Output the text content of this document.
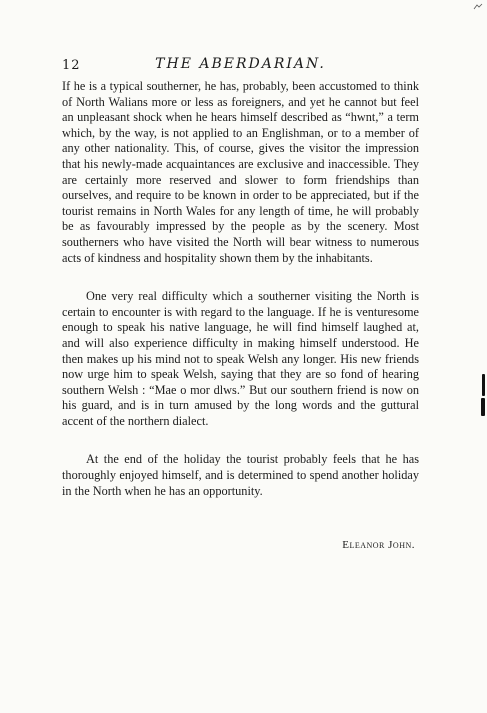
12	THE ABERDARIAN.

If he is a typical southerner, he has, probably, been accustomed to think of North Walians more or less as foreigners, and yet he cannot but feel an unpleasant shock when he hears himself described as “hwnt,” a term which, by the way, is not applied to an Englishman, or to a member of any other nationality. This, of course, gives the visitor the impression that his newly-made acquaintances are exclusive and inaccessible. They are certainly more reserved and slower to form friendships than ourselves, and require to be known in order to be appreciated, but if the tourist remains in North Wales for any length of time, he will probably be as favourably impressed by the people as by the scenery. Most southerners who have visited the North will bear witness to numerous acts of kindness and hospitality shown them by the inhabitants.

One very real difficulty which a southerner visiting the North is certain to encounter is with regard to the language. If he is venturesome enough to speak his native language, he will find himself laughed at, and will also experience difficulty in making himself understood. He then makes up his mind not to speak Welsh any longer. His new friends now urge him to speak Welsh, saying that they are so fond of hearing southern Welsh : “Mae o mor dlws.” But our southern friend is now on his guard, and is in turn amused by the long words and the guttural accent of the northern dialect.

At the end of the holiday the tourist probably feels that he has thoroughly enjoyed himself, and is determined to spend another holiday in the North when he has an opportunity.

Eleanor John.
